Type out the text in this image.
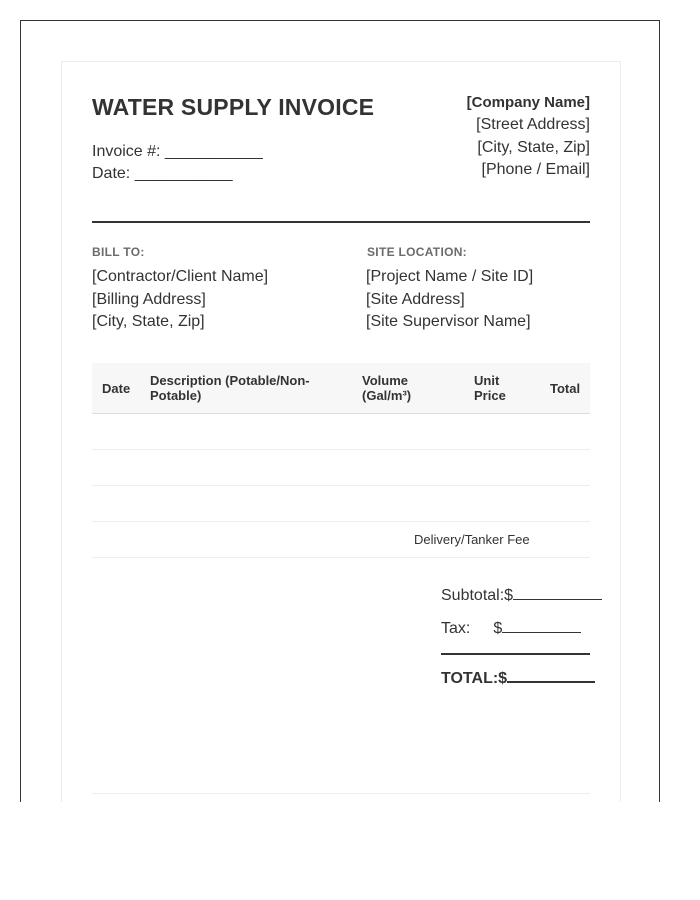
WATER SUPPLY INVOICE
Invoice #: ___________
Date: ___________
[Company Name]
[Street Address]
[City, State, Zip]
[Phone / Email]
BILL TO:
[Contractor/Client Name]
[Billing Address]
[City, State, Zip]
SITE LOCATION:
[Project Name / Site ID]
[Site Address]
[Site Supervisor Name]
Date
Description (Potable/Non-Potable)
Volume (Gal/m³)
Unit Price	Total
Delivery/Tanker Fee
Subtotal:$
Tax: $
TOTAL:$
